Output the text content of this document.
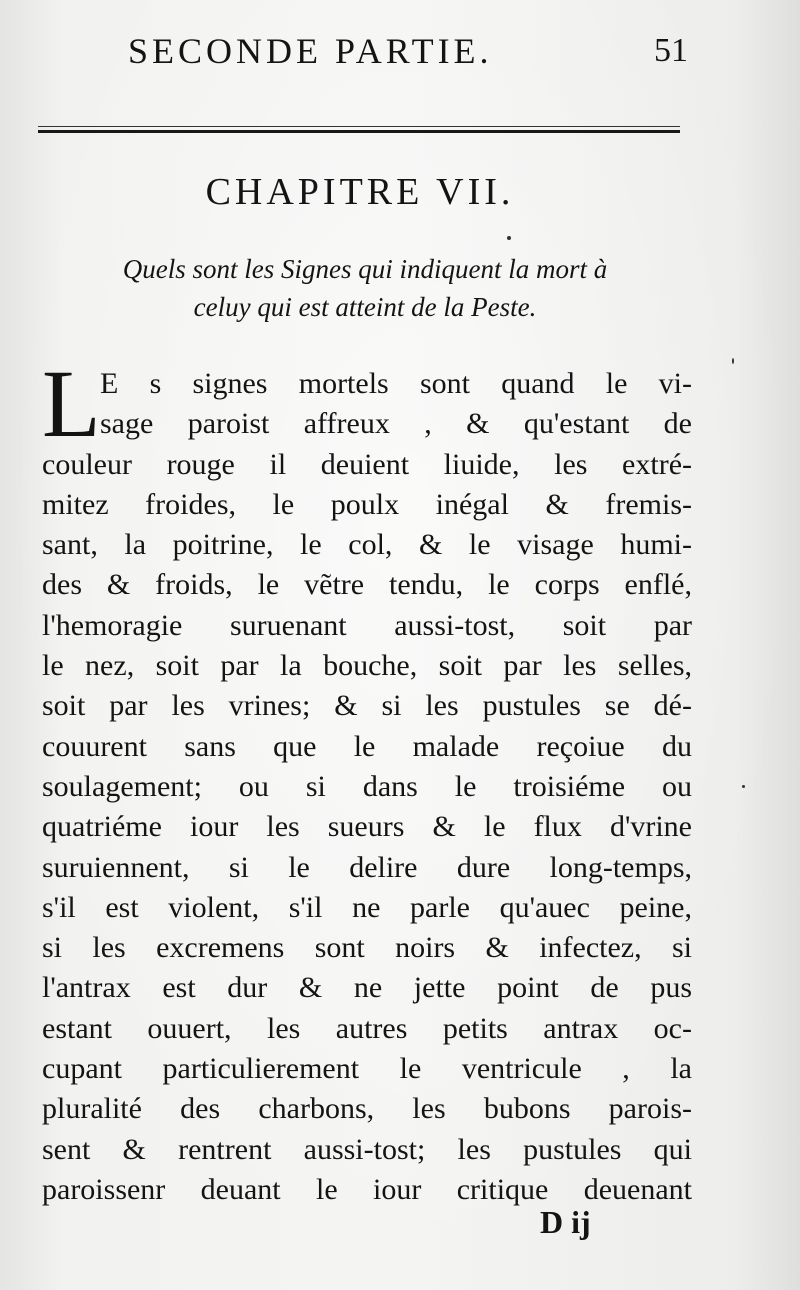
SECONDE PARTIE.	51
CHAPITRE VII.
Quels sont les Signes qui indiquent la mort à
celuy qui est atteint de la Peste.
L E s signes mortels sont quand le vi-
sage paroist affreux , & qu'estant de
couleur rouge il deuient liuide, les extré-
mitez froides, le poulx inégal & fremis-
sant, la poitrine, le col, & le visage humi-
des & froids, le vẽtre tendu, le corps enflé,
l'hemoragie suruenant aussi-tost, soit par
le nez, soit par la bouche, soit par les selles,
soit par les vrines; & si les pustules se dé-
couurent sans que le malade reçoiue du
soulagement; ou si dans le troisiéme ou
quatriéme iour les sueurs & le flux d'vrine
suruiennent, si le delire dure long-temps,
s'il est violent, s'il ne parle qu'auec peine,
si les excremens sont noirs & infectez, si
l'antrax est dur & ne jette point de pus
estant ouuert, les autres petits antrax oc-
cupant particulierement le ventricule , la
pluralité des charbons, les bubons parois-
sent & rentrent aussi-tost; les pustules qui
paroissenr deuant le iour critique deuenant
D ij
